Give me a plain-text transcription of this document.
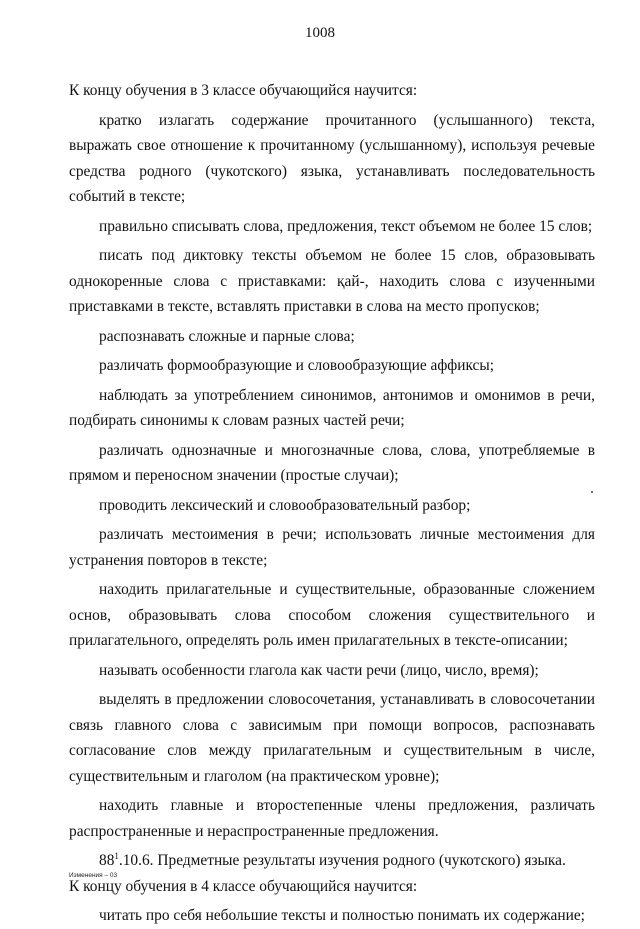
1008

К концу обучения в 3 классе обучающийся научится:

кратко излагать содержание прочитанного (услышанного) текста, выражать свое отношение к прочитанному (услышанному), используя речевые средства родного (чукотского) языка, устанавливать последовательность событий в тексте;

правильно списывать слова, предложения, текст объемом не более 15 слов;

писать под диктовку тексты объемом не более 15 слов, образовывать однокоренные слова с приставками: қай-, находить слова с изученными приставками в тексте, вставлять приставки в слова на место пропусков;

распознавать сложные и парные слова;

различать формообразующие и словообразующие аффиксы;

наблюдать за употреблением синонимов, антонимов и омонимов в речи, подбирать синонимы к словам разных частей речи;

различать однозначные и многозначные слова, слова, употребляемые в прямом и переносном значении (простые случаи);

проводить лексический и словообразовательный разбор;

различать местоимения в речи; использовать личные местоимения для устранения повторов в тексте;

находить прилагательные и существительные, образованные сложением основ, образовывать слова способом сложения существительного и прилагательного, определять роль имен прилагательных в тексте-описании;

называть особенности глагола как части речи (лицо, число, время);

выделять в предложении словосочетания, устанавливать в словосочетании связь главного слова с зависимым при помощи вопросов, распознавать согласование слов между прилагательным и существительным в числе, существительным и глаголом (на практическом уровне);

находить главные и второстепенные члены предложения, различать распространенные и нераспространенные предложения.

$88^1.10.6$. Предметные результаты изучения родного (чукотского) языка.

К концу обучения в 4 классе обучающийся научится:

читать про себя небольшие тексты и полностью понимать их содержание;

Изменения – 03
